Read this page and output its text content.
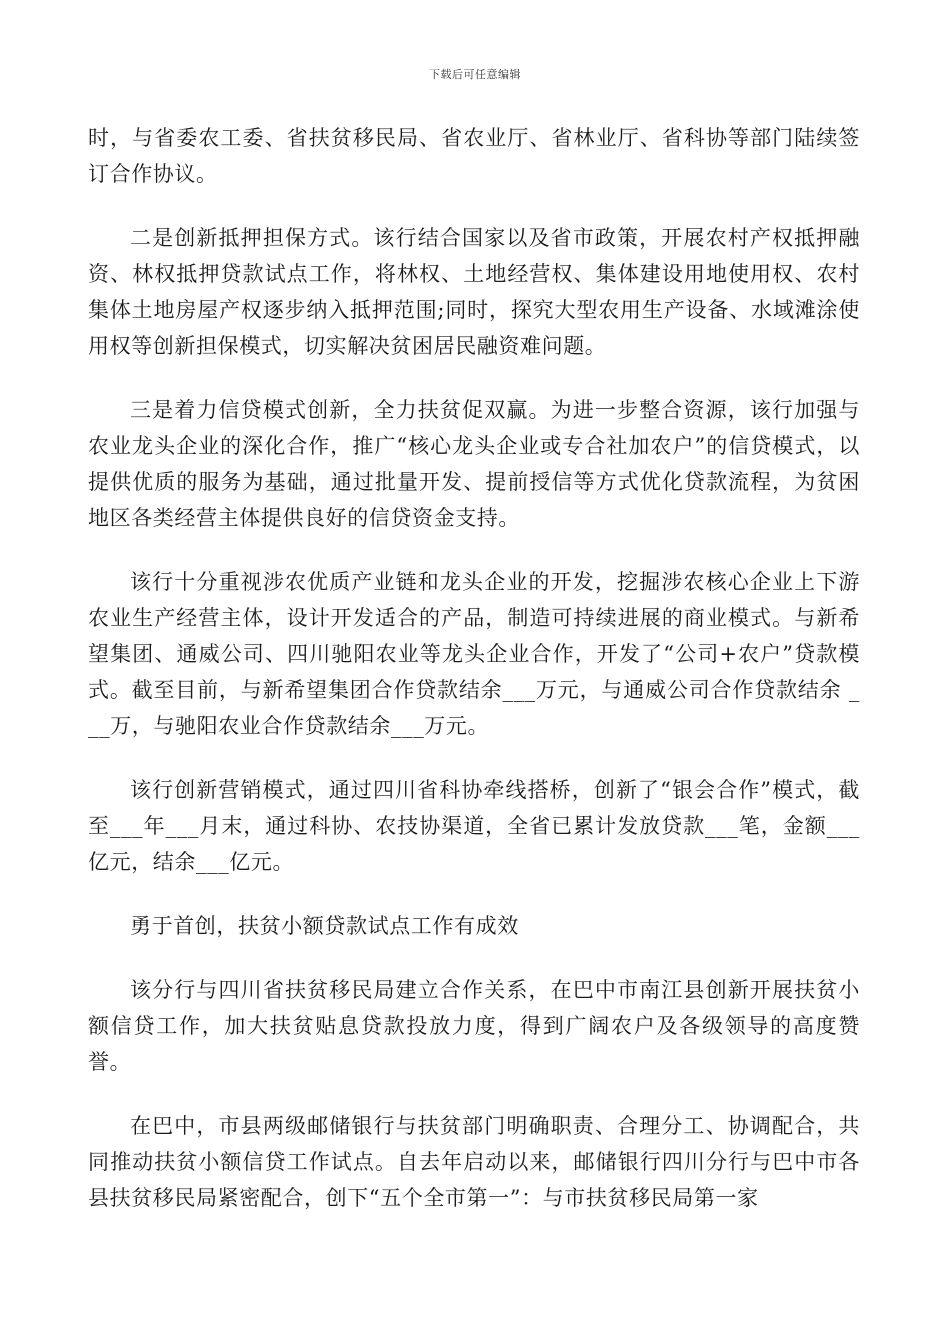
下载后可任意编辑

时，与省委农工委、省扶贫移民局、省农业厅、省林业厅、省科协等部门陆续签订合作协议。

二是创新抵押担保方式。该行结合国家以及省市政策，开展农村产权抵押融资、林权抵押贷款试点工作，将林权、土地经营权、集体建设用地使用权、农村集体土地房屋产权逐步纳入抵押范围;同时，探究大型农用生产设备、水域滩涂使用权等创新担保模式，切实解决贫困居民融资难问题。

三是着力信贷模式创新，全力扶贫促双赢。为进一步整合资源，该行加强与农业龙头企业的深化合作，推广“核心龙头企业或专合社加农户”的信贷模式，以提供优质的服务为基础，通过批量开发、提前授信等方式优化贷款流程，为贫困地区各类经营主体提供良好的信贷资金支持。

该行十分重视涉农优质产业链和龙头企业的开发，挖掘涉农核心企业上下游农业生产经营主体，设计开发适合的产品，制造可持续进展的商业模式。与新希望集团、通威公司、四川驰阳农业等龙头企业合作，开发了“公司+农户”贷款模式。截至目前，与新希望集团合作贷款结余___万元，与通威公司合作贷款结余 ___万，与驰阳农业合作贷款结余___万元。

该行创新营销模式，通过四川省科协牵线搭桥，创新了“银会合作”模式，截至___年___月末，通过科协、农技协渠道，全省已累计发放贷款___笔，金额___亿元，结余___亿元。

勇于首创，扶贫小额贷款试点工作有成效

该分行与四川省扶贫移民局建立合作关系，在巴中市南江县创新开展扶贫小额信贷工作，加大扶贫贴息贷款投放力度，得到广阔农户及各级领导的高度赞誉。

在巴中，市县两级邮储银行与扶贫部门明确职责、合理分工、协调配合，共同推动扶贫小额信贷工作试点。自去年启动以来，邮储银行四川分行与巴中市各县扶贫移民局紧密配合，创下“五个全市第一”：与市扶贫移民局第一家
